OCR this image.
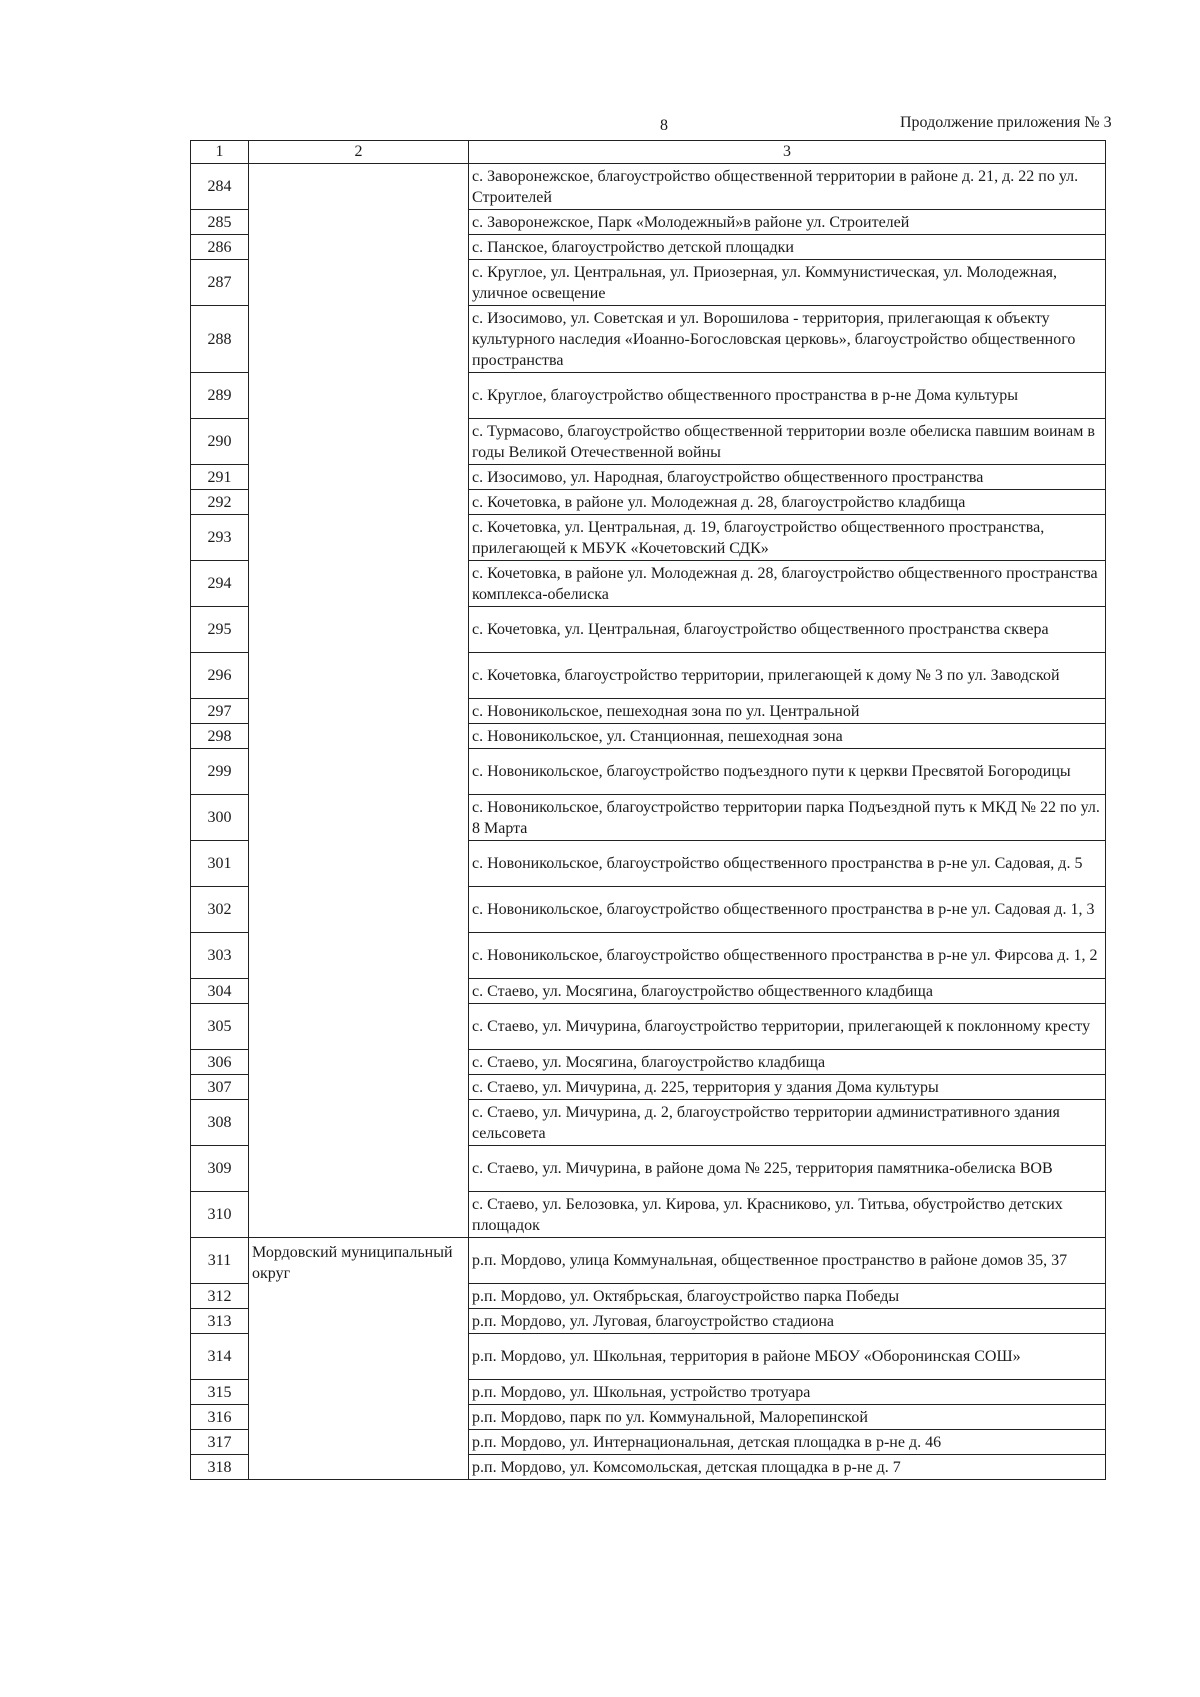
8	Продолжение приложения № 3
1	2	3
284		с. Заворонежское, благоустройство общественной территории в районе д. 21, д. 22 по ул. Строителей
285		с. Заворонежское, Парк «Молодежный»в районе ул. Строителей
286		с. Панское, благоустройство детской площадки
287		с. Круглое, ул. Центральная, ул. Приозерная, ул. Коммунистическая, ул. Молодежная, уличное освещение
288		с. Изосимово, ул. Советская и ул. Ворошилова - территория, прилегающая к объекту культурного наследия «Иоанно-Богословская церковь», благоустройство общественного пространства
289		с. Круглое, благоустройство общественного пространства в р-не Дома культуры
290		с. Турмасово, благоустройство общественной территории возле обелиска павшим воинам в годы Великой Отечественной войны
291		с. Изосимово, ул. Народная, благоустройство общественного пространства
292		с. Кочетовка, в районе ул. Молодежная д. 28, благоустройство кладбища
293		с. Кочетовка, ул. Центральная, д. 19, благоустройство общественного пространства, прилегающей к МБУК «Кочетовский СДК»
294		с. Кочетовка, в районе ул. Молодежная д. 28, благоустройство общественного пространства комплекса-обелиска
295		с. Кочетовка, ул. Центральная, благоустройство общественного пространства сквера
296		с. Кочетовка, благоустройство территории, прилегающей к дому № 3 по ул. Заводской
297		с. Новоникольское, пешеходная зона по ул. Центральной
298		с. Новоникольское, ул. Станционная, пешеходная зона
299		с. Новоникольское, благоустройство подъездного пути к церкви Пресвятой Богородицы
300		с. Новоникольское, благоустройство территории парка Подъездной путь к МКД № 22 по ул. 8 Марта
301		с. Новоникольское, благоустройство общественного пространства в р-не ул. Садовая, д. 5
302		с. Новоникольское, благоустройство общественного пространства в р-не ул. Садовая д. 1, 3
303		с. Новоникольское, благоустройство общественного пространства в р-не ул. Фирсова д. 1, 2
304		с. Стаево, ул. Мосягина, благоустройство общественного кладбища
305		с. Стаево, ул. Мичурина, благоустройство территории, прилегающей к поклонному кресту
306		с. Стаево, ул. Мосягина, благоустройство кладбища
307		с. Стаево, ул. Мичурина, д. 225, территория у здания Дома культуры
308		с. Стаево, ул. Мичурина, д. 2, благоустройство территории административного здания сельсовета
309		с. Стаево, ул. Мичурина, в районе дома № 225, территория памятника-обелиска ВОВ
310		с. Стаево, ул. Белозовка, ул. Кирова, ул. Красниково, ул. Титьва, обустройство детских площадок
311	Мордовский муниципальный округ	р.п. Мордово, улица Коммунальная, общественное пространство в районе домов 35, 37
312		р.п. Мордово, ул. Октябрьская, благоустройство парка Победы
313		р.п. Мордово, ул. Луговая, благоустройство стадиона
314		р.п. Мордово, ул. Школьная, территория в районе МБОУ «Оборонинская СОШ»
315		р.п. Мордово, ул. Школьная, устройство тротуара
316		р.п. Мордово, парк по ул. Коммунальной, Малорепинской
317		р.п. Мордово, ул. Интернациональная, детская площадка в р-не д. 46
318		р.п. Мордово, ул. Комсомольская, детская площадка в р-не д. 7
